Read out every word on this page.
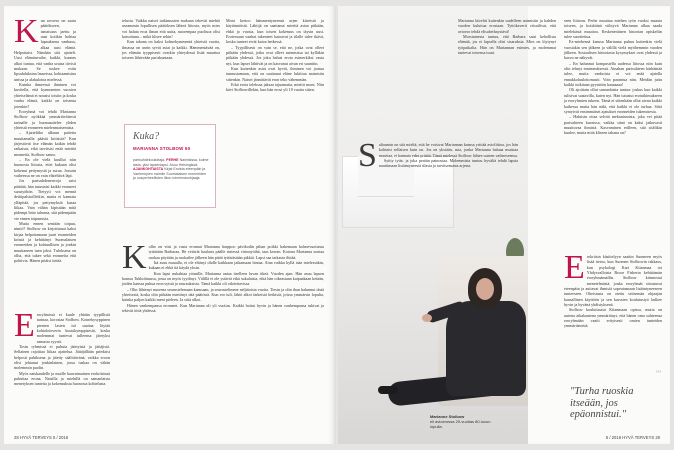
K un arvoero on saatu päätökseen, ismaisuus jaettu ja uusi kotikin hohtaa lupauksena vanhuus, alkaa uusi elämä. Helpottaisi. Nämhän sitä ajatteli. Uusi elämänvaihe, kaikki, kunnes alkoi tuntua, että vanha uraisa tiivisti mukaan. Se tuskee esiin lipsahduksina lauseissa, kohtaamisina unissa ja alakuloina mielessä.

Kuinka ihmeessä ihminen voi kuvitella, että kymmenien vuosien yhteiselämä ei nousisi toisiin ja koska vanha elämä, kaikki on toisensa jotenkin?

Eroryhmä voi tehdä Marianna Stolbow nyökkää ymmärtäväisesti tarinalle ja huomauttelee yhden yhteistä eronneen mielenmaisemista.

– Ajattelitko alkuun paitetta muuttamalla päästä kriisistä? Kun järjestävät itse elämän kaikin tehdä ratkaisut, eikä tarvitsisi enää miettiä menneitä, Stolbow sanoo.

– En ole vielä kuullut niin huonosta liitosta, ettei kukaan olisi kokenut pettymystä ja surua. Jossain vaiheessa ne on vain eläteltävä läpi.

Jos parisuhdeneuvoja saisi päättää, hän tutustaisi kaikki eronneet surutyöhön. Tietyyti voi mennä deittipalstoilleikin, mutta ei kannata ylläpitää, jos pettymyksiä kasaa liikaa. Vain vähän kipistään mitä pidempi hitto tahansa, sitä pidempään vie ennen toipumista.

Mutta ennen sentään toipuu, nimiö? Stolbow on kirjoittanut kaksi kirjaa helpottamaan juuri eronneiden kriisiä ja kehittänyt Suomalaisen eronneiden ja kohtuullisen ja jonkin muuttaneen tuen joksi. Tuloksena on ollut, että tukee sekä eronneita että pohtivia. Hänen pitäisi tietää.

E roryhmissä ei kuule yhtään tyypillistä tarinaa, korostaa Stolbow. Koinekysyppinen pienten lasten isä saattaa löytää kohtalotoverin kuusikymppisestä, koska molemmat tuntevat tulleensa jätetyksi samasta syystä.

Tosin ryhmissä ei puhuta jätetyistä ja jättäjistä. Sellainen rajoittaa liikaa ajattelua. Jättäjällään priedaisi helposti pahiksena ja jätetty säälittävänä, vaikka eroon olisi johtanut jonkinlainen, jossa tuskaa on vähän molemmin puolin.

Myös naiskaudelle ja muille kaavaimainen erokriisinsä puhuttaa erona, Naisilla ja miehillä on samanlaisia menetyksen tunteita ja kokemuksia huonosta kohtelusta.

telusta. Vaikka naiset tutkimusten mukaan tekevät miehiä useammin lopullisen päätöksen lähteä liitosta, myös mies voi haluta eroa ilman että uutta, nuorempaa puolisoa olisi katsottuna – mikä klisee sekin!

Kun takana on kaksi kolmekymmentä yhteistä vuotta, ilmassa on usein syvät asiat ja kaikki. Hämmentävää on, jos elämän tyyppisesti ovatkin yhteydessä lisää muuttoa toiseen lähtevään pariskuntaan.

Kuka?
MARIANNA STOLBOW 50
parisuhdekouluttaja, PERHE Naimisissa, kolme lasta, yksi lapsenlapsi. Asuu Helsingissä. AJANKOHTAISTA Kirjat Eroista eteenpäin ja Vanhempien naimiin Suomalaisen eronneiden ja uusperheellisten liiton toiminnanohjaaja

Moni kertoo hämmentyneensä arjen kiireistä ja käytännöistä. Lähtijä on saattanut miettiä asiaa pitkään, ehkä jo vuosia, kun toisen kokemus on täysin uusi. Erotessaan vanhat rakenteet katoavat ja tilalle tulee ikävä, koska tunteet eivät katoa hetkessä.

– Tyypillisesti on vain se, että ne, jotka ovat olleet pitkään yhdessä, jotka ovat olleet naimisissa tai kylläkin pitkään yhdessä. Jos joku halusi erota esimerkiksi vasta nyt, kun lapset lähtivät ja on kasvanut aivan eri suuntiin.

Kun kuitenkin asiat ovat hyviä, ihminen voi joutua tunnustamaan, että on saattanut eläne lukittua naimisiin sittenkin. Naiset jännittävät eron teko vähemmän.

Erkä erota teleksaa jaksaa tajuamatta, miettii moni. Niin kävi Stolbowillekin, kun hän erosi yli 10 vuotta sitten.

K olho on viisi ja vasta eronnut Marianna harppoo pävikodin pihan poikki hakemaan kolmevuotiasta tytärtään Barbaraa. He vetävät haalaria päälle rintessä virinnyöihä, taas kerran. Kotona Marianna nostaa ruokaa pöytään ja ruokailee jälkeen hän pitää tyttärästään pikkiä. Lapsi saa tarkasta iltitää.

Isä asuu muualla, ei ole ehtinyt tilalle kaikkaan jatkamaan hintaa. Aina vaikka kyllä isän mielessäkin, kukaan ei ehkä tiä käydä yksin.

Kun lapsi nukahtaa yöunille, Marianna antaa itselleen luvan itkeä. Vuoden ajan. Hän asuu lapsen kanssa Tukholmassa, jossa on myös tyydinyt. Välillä ei ole ystäviä eikä sukulaisia, eikä hän oikeastaan kaipaakaan ketään, joiden kanssa puhua eron syistä ja seurauksista. Tämä kaikki oli odotettavissa.

– Olin lähtenyt nuorena seurustelemaan kanssaan, ja seurustelimme neljätoista vuotta. Tiesin ja olin ihan halunnut tästä yhteisestä, koska olin pitkään miettinyt tätä päätöstä. Kun ero tuli, lähtö alkoi tärkeistä hetkistä, joissa ymmärsin lopulta, kuinka paljon kaikki meni pieleen. Ja siitä alkoi.

Hänen vanhempansa eronneet. Kun Marianna oli yli vuotias. Kaikki hoitui hyvin ja hänen vanhempansa tukivat ja tekivät töitä yhdessä.

28 HYVÄ TERVEYS 5 / 2016
S altaamin on sitä mieltä, että he voisivat Mariannan kanssa yrittää avioliittoa, jos hän kohtaisi sellaisen kuin on. Jos on yksiään, asia, jonka Marianna haluaa muistaa muuttaa, ei kannata edes yrittää. Tämä mielessä Stolbow lähtee uuteen vaiheeseensa.

Syitty tytär, ja joka perään painostaa. Molemmista tuntuu hyvältä tehdä lapsia nauttimaan lisääntyneestä tilasta ja tarvitsemasta arjesta.

Marianne Stolbow
eli avioerossa 29-vuotias 80-luvun lopulla.

Marianna kiirehti kuitenkin uudelleen naimisiin ja kahden vuoden kuluttua erostaan. Tyttökaverit vitsailivat, että avioero tehdä elisabethaystävä!

Morsiamesta tuntuu, että Barbara saisi kehollista elämää, jos ei lapsella olisi sisaruksia. Mies on löytynyt työpaikalta. Hän on Mariannan esimies, ja molemmat tuntevat toisensa tuuri.

seen liittoon. Perhe muuttaa miehen työn vuoksi maasta toiseen, ja kotiäitinä viihtyvä Marianna alkaa saada mielekästä muuttoa. Keskeneräinen historian opiskeliin tulee suoritettua.

Ex-miehensä kanssa Marianna puhuu kuitenkin vielä vuosiakin sen jälkeen ja välillä vielä myöhemmin vuoden jälkeen. Sosiaalisen historiasta kysymykset ovat yhdessä ja kasvu ne näkyvät.

– En halunnut kompastella uudessa liitossa niin kuin olin tehnyt ensimmäisessä. Ainahan parisuhteen kärhämää tulee, mutta vanhoista ei voi enää ajatella ennakkoluulottomasti. Voin parantua niin. Meidän juttu kaikki tutkitaan pyyntöön kaaaaaaa!

Oli ajoittain ollut samanlaista tuntua: joskus kun kaikki tulisivat saatavilla, kuten nyt. Hän tutustui erotutkimukseen ja eroryhmien tukeen. Tämä ei sittenkään ollut aivan kaikki kaikessa mutta hän näki, että kaikki ei ole turhaa. Siitä syntyivät ensimmäiset ajatukset eronneiden tukemisesta.

– Haluisin ottaa selvää mekanismista, joka vei pitää parisuhteen kuosissa, vaikka siinä on kaksi jatkuvasti muuttuvaa ihmistä. Kasvaminen erilleen, sitä sitälikin kuulee, mutta mitä kliseen takana on?

E rokriisin käsittelyyn saattin Suomeen myös lisää tietoa, kun Suomen Stolbowin rakkaus, kun psykologi Kari Kiianmaa toi Yhdysvalloista Bruce Fisherin kehittämän eroryhmämallin. Stolbow kiinnostui menetelmästä, jonka eroryhmät sitoutuvat eteenpäin ja auttavat ihmisiä sopeutumaan lisääntyneeseen tunteeseen. Oheistasta on otettu seitsemän ohjaajan kansallinen käyttöön ja sen kurssien koulutustyö kulkee hyvin ja hyvänä yhdistyksenä.

Stolbow kouluttautui Kiianmaan opissa, mutta on uutena aikakautena ymmärtänyt, että hänen oma suhteensa eroryhmään vaatii erityisesti omien tunteiden ymmärtämistä.

›››
"Turha ruoskia itseään, jos epäonnistui."
5 / 2016 HYVÄ TERVEYS 29
